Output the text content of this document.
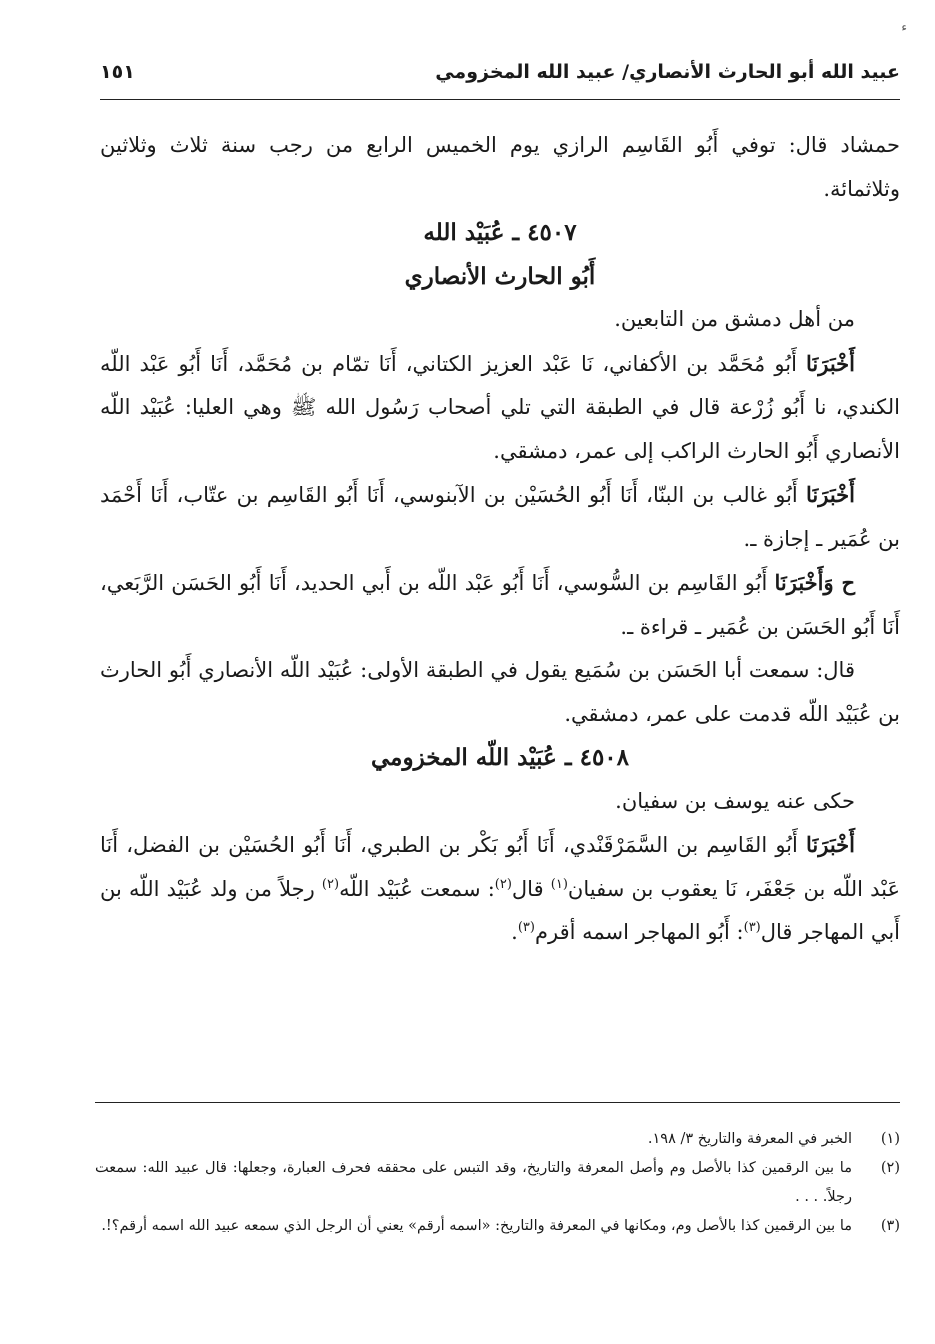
ﺀ
عبيد الله أبو الحارث الأنصاري/ عبيد الله المخزومي
١٥١

حمشاد قال: توفي أَبُو القَاسِم الرازي يوم الخميس الرابع من رجب سنة ثلاث وثلاثين وثلاثمائة.

٤٥٠٧ ـ عُبَيْد الله

أَبُو الحارث الأنصاري

من أهل دمشق من التابعين.

أَخْبَرَنَا أَبُو مُحَمَّد بن الأكفاني، نَا عَبْد العزيز الكتاني، أَنَا تمّام بن مُحَمَّد، أَنَا أَبُو عَبْد اللّه الكندي، نا أَبُو زُرْعة قال في الطبقة التي تلي أصحاب رَسُول الله ﷺ وهي العليا: عُبَيْد اللّه الأنصاري أَبُو الحارث الراكب إلى عمر، دمشقي.

أَخْبَرَنَا أَبُو غالب بن البنّا، أَنَا أَبُو الحُسَيْن بن الآبنوسي، أَنَا أَبُو القَاسِم بن عتّاب، أَنَا أَحْمَد بن عُمَير ـ إجازة ـ.

ح وَأَخْبَرَنَا أَبُو القَاسِم بن السُّوسي، أَنَا أَبُو عَبْد اللّه بن أَبي الحديد، أَنَا أَبُو الحَسَن الرَّبَعي، أَنَا أَبُو الحَسَن بن عُمَير ـ قراءة ـ.

قال: سمعت أبا الحَسَن بن سُمَيع يقول في الطبقة الأولى: عُبَيْد اللّه الأنصاري أَبُو الحارث بن عُبَيْد اللّه قدمت على عمر، دمشقي.

٤٥٠٨ ـ عُبَيْد اللّه المخزومي

حكى عنه يوسف بن سفيان.

أَخْبَرَنَا أَبُو القَاسِم بن السَّمَرْقَنْدي، أَنَا أَبُو بَكْر بن الطبري، أَنَا أَبُو الحُسَيْن بن الفضل، أَنَا عَبْد اللّه بن جَعْفَر، نَا يعقوب بن سفيان$^{(١)}$ قال$^{(٢)}$: سمعت عُبَيْد اللّه$^{(٢)}$ رجلاً من ولد عُبَيْد اللّه بن أَبي المهاجر قال$^{(٣)}$: أَبُو المهاجر اسمه أقرم$^{(٣)}$.

(١)
الخبر في المعرفة والتاريخ ٣/ ١٩٨.
(٢)
ما بين الرقمين كذا بالأصل وم وأصل المعرفة والتاريخ، وقد التبس على محققه فحرف العبارة، وجعلها: قال عبيد الله: سمعت رجلاً. . . .
(٣)
ما بين الرقمين كذا بالأصل وم، ومكانها في المعرفة والتاريخ: «اسمه أرقم» يعني أن الرجل الذي سمعه عبيد الله اسمه أرقم؟!.
